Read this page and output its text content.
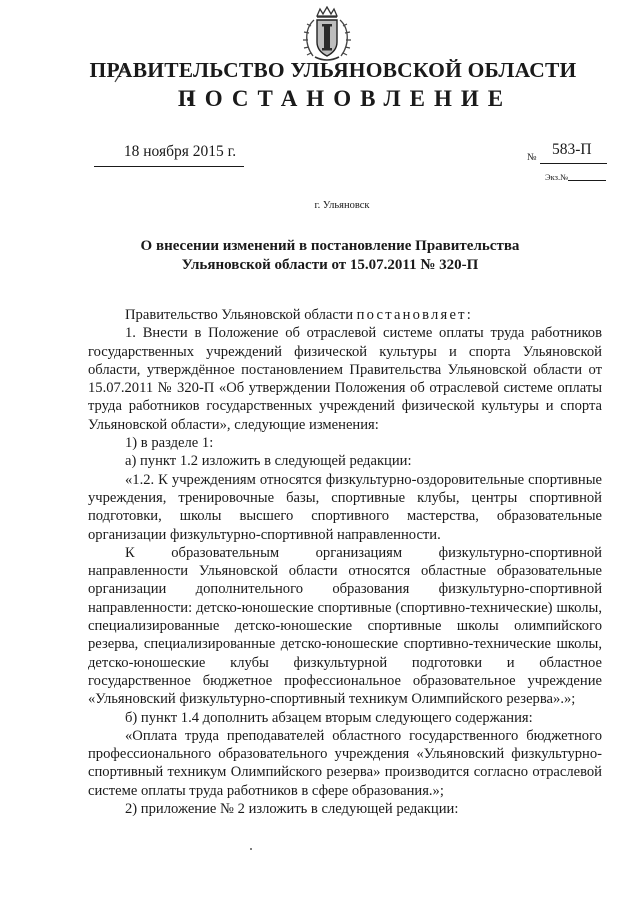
ПРАВИТЕЛЬСТВО УЛЬЯНОВСКОЙ ОБЛАСТИ
ПОСТАНОВЛЕНИЕ
18 ноября 2015 г.	№ 583-П
Экз.№
г. Ульяновск
О внесении изменений в постановление Правительства Ульяновской области от 15.07.2011 № 320-П

Правительство Ульяновской области постановляет:

1. Внести в Положение об отраслевой системе оплаты труда работников государственных учреждений физической культуры и спорта Ульяновской области, утверждённое постановлением Правительства Ульяновской области от 15.07.2011 № 320-П «Об утверждении Положения об отраслевой системе оплаты труда работников государственных учреждений физической культуры и спорта Ульяновской области», следующие изменения:

1) в разделе 1:

а) пункт 1.2 изложить в следующей редакции:

«1.2. К учреждениям относятся физкультурно-оздоровительные спортивные учреждения, тренировочные базы, спортивные клубы, центры спортивной подготовки, школы высшего спортивного мастерства, образовательные организации физкультурно-спортивной направленности.

К образовательным организациям физкультурно-спортивной направленности Ульяновской области относятся областные образовательные организации дополнительного образования физкультурно-спортивной направленности: детско-юношеские спортивные (спортивно-технические) школы, специализированные детско-юношеские спортивные школы олимпийского резерва, специализированные детско-юношеские спортивно-технические школы, детско-юношеские клубы физкультурной подготовки и областное государственное бюджетное профессиональное образовательное учреждение «Ульяновский физкультурно-спортивный техникум Олимпийского резерва».»;

б) пункт 1.4 дополнить абзацем вторым следующего содержания:

«Оплата труда преподавателей областного государственного бюджетного профессионального образовательного учреждения «Ульяновский физкультурно-спортивный техникум Олимпийского резерва» производится согласно отраслевой системе оплаты труда работников в сфере образования.»;

2) приложение № 2 изложить в следующей редакции:
